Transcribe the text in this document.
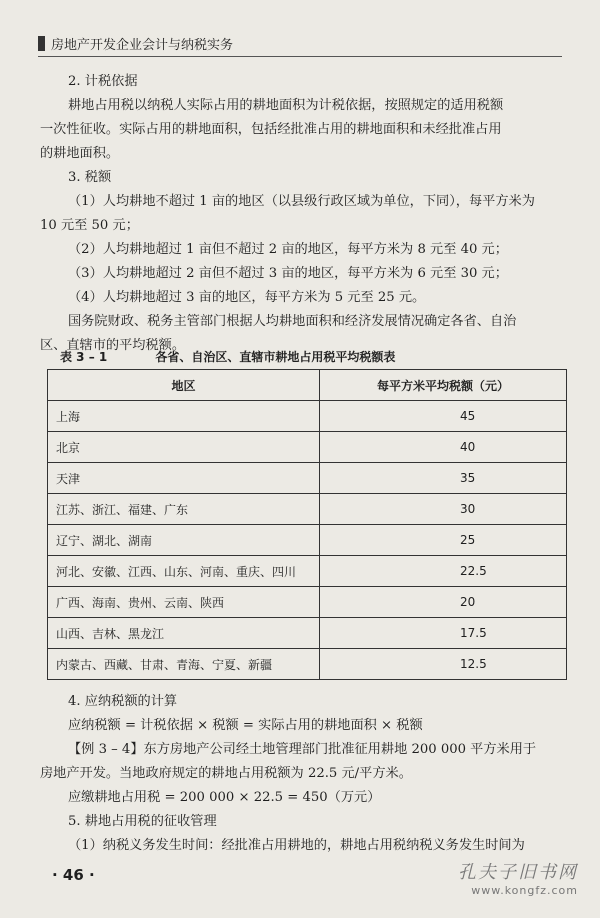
房地产开发企业会计与纳税实务

2. 计税依据

耕地占用税以纳税人实际占用的耕地面积为计税依据，按照规定的适用税额

一次性征收。实际占用的耕地面积，包括经批准占用的耕地面积和未经批准占用

的耕地面积。

3. 税额

（1）人均耕地不超过 1 亩的地区（以县级行政区域为单位，下同），每平方米为

10 元至 50 元；

（2）人均耕地超过 1 亩但不超过 2 亩的地区，每平方米为 8 元至 40 元；

（3）人均耕地超过 2 亩但不超过 3 亩的地区，每平方米为 6 元至 30 元；

（4）人均耕地超过 3 亩的地区，每平方米为 5 元至 25 元。

国务院财政、税务主管部门根据人均耕地面积和经济发展情况确定各省、自治

区、直辖市的平均税额。

表 3 – 1	各省、自治区、直辖市耕地占用税平均税额表
地区	每平方米平均税额（元）
上海	45
北京	40
天津	35
江苏、浙江、福建、广东	30
辽宁、湖北、湖南	25
河北、安徽、江西、山东、河南、重庆、四川	22.5
广西、海南、贵州、云南、陕西	20
山西、吉林、黑龙江	17.5
内蒙古、西藏、甘肃、青海、宁夏、新疆	12.5

4. 应纳税额的计算

应纳税额 = 计税依据 × 税额 = 实际占用的耕地面积 × 税额

【例 3 – 4】东方房地产公司经土地管理部门批准征用耕地 200 000 平方米用于

房地产开发。当地政府规定的耕地占用税额为 22.5 元/平方米。

应缴耕地占用税 = 200 000 × 22.5 = 450（万元）

5. 耕地占用税的征收管理

（1）纳税义务发生时间：经批准占用耕地的，耕地占用税纳税义务发生时间为

· 46 ·	孔夫子旧书网
www.kongfz.com
